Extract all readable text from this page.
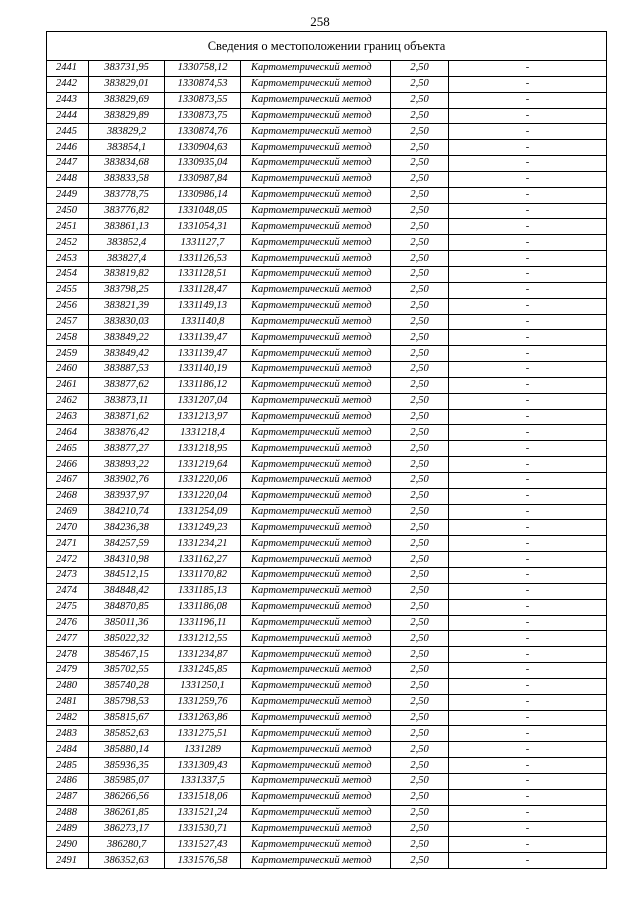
258
Сведения о местоположении границ объекта					
2441	383731,95	1330758,12	Картометрический метод	2,50	-
2442	383829,01	1330874,53	Картометрический метод	2,50	-
2443	383829,69	1330873,55	Картометрический метод	2,50	-
2444	383829,89	1330873,75	Картометрический метод	2,50	-
2445	383829,2	1330874,76	Картометрический метод	2,50	-
2446	383854,1	1330904,63	Картометрический метод	2,50	-
2447	383834,68	1330935,04	Картометрический метод	2,50	-
2448	383833,58	1330987,84	Картометрический метод	2,50	-
2449	383778,75	1330986,14	Картометрический метод	2,50	-
2450	383776,82	1331048,05	Картометрический метод	2,50	-
2451	383861,13	1331054,31	Картометрический метод	2,50	-
2452	383852,4	1331127,7	Картометрический метод	2,50	-
2453	383827,4	1331126,53	Картометрический метод	2,50	-
2454	383819,82	1331128,51	Картометрический метод	2,50	-
2455	383798,25	1331128,47	Картометрический метод	2,50	-
2456	383821,39	1331149,13	Картометрический метод	2,50	-
2457	383830,03	1331140,8	Картометрический метод	2,50	-
2458	383849,22	1331139,47	Картометрический метод	2,50	-
2459	383849,42	1331139,47	Картометрический метод	2,50	-
2460	383887,53	1331140,19	Картометрический метод	2,50	-
2461	383877,62	1331186,12	Картометрический метод	2,50	-
2462	383873,11	1331207,04	Картометрический метод	2,50	-
2463	383871,62	1331213,97	Картометрический метод	2,50	-
2464	383876,42	1331218,4	Картометрический метод	2,50	-
2465	383877,27	1331218,95	Картометрический метод	2,50	-
2466	383893,22	1331219,64	Картометрический метод	2,50	-
2467	383902,76	1331220,06	Картометрический метод	2,50	-
2468	383937,97	1331220,04	Картометрический метод	2,50	-
2469	384210,74	1331254,09	Картометрический метод	2,50	-
2470	384236,38	1331249,23	Картометрический метод	2,50	-
2471	384257,59	1331234,21	Картометрический метод	2,50	-
2472	384310,98	1331162,27	Картометрический метод	2,50	-
2473	384512,15	1331170,82	Картометрический метод	2,50	-
2474	384848,42	1331185,13	Картометрический метод	2,50	-
2475	384870,85	1331186,08	Картометрический метод	2,50	-
2476	385011,36	1331196,11	Картометрический метод	2,50	-
2477	385022,32	1331212,55	Картометрический метод	2,50	-
2478	385467,15	1331234,87	Картометрический метод	2,50	-
2479	385702,55	1331245,85	Картометрический метод	2,50	-
2480	385740,28	1331250,1	Картометрический метод	2,50	-
2481	385798,53	1331259,76	Картометрический метод	2,50	-
2482	385815,67	1331263,86	Картометрический метод	2,50	-
2483	385852,63	1331275,51	Картометрический метод	2,50	-
2484	385880,14	1331289	Картометрический метод	2,50	-
2485	385936,35	1331309,43	Картометрический метод	2,50	-
2486	385985,07	1331337,5	Картометрический метод	2,50	-
2487	386266,56	1331518,06	Картометрический метод	2,50	-
2488	386261,85	1331521,24	Картометрический метод	2,50	-
2489	386273,17	1331530,71	Картометрический метод	2,50	-
2490	386280,7	1331527,43	Картометрический метод	2,50	-
2491	386352,63	1331576,58	Картометрический метод	2,50	-
